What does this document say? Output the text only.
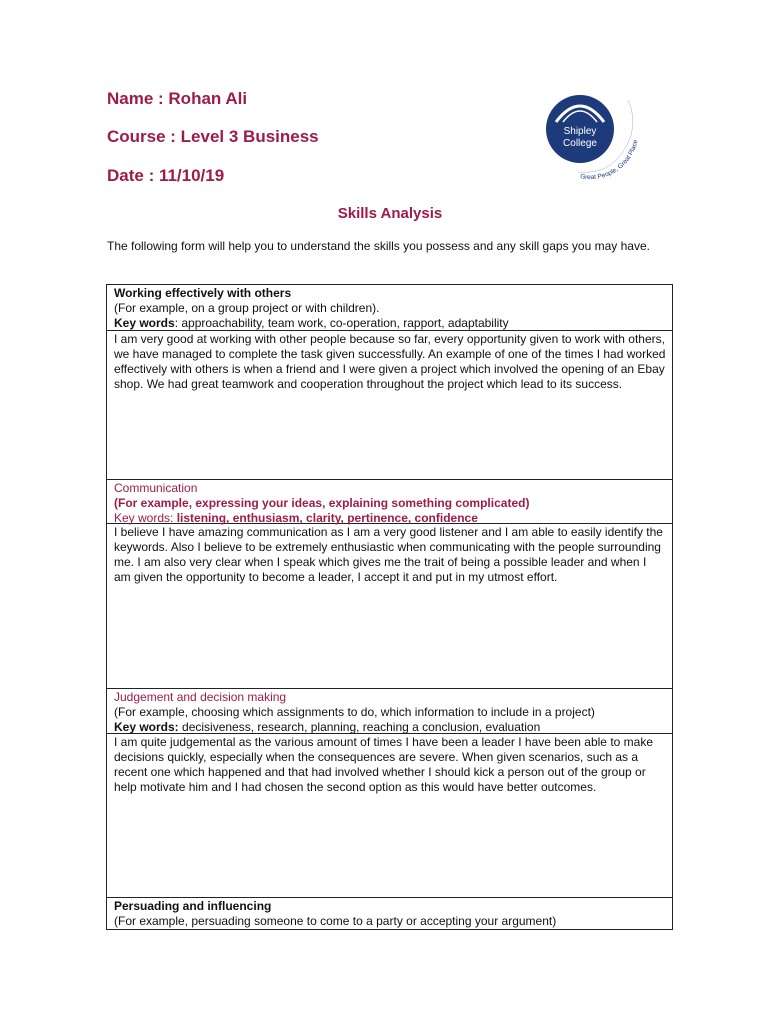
Name : Rohan Ali
Course : Level 3 Business
Date : 11/10/19
Shipley
College
Great People, Great Place
Skills Analysis
The following form will help you to understand the skills you possess and any skill gaps you may have.
Working effectively with others
(For example, on a group project or with children).
Key words: approachability, team work, co-operation, rapport, adaptability
I am very good at working with other people because so far, every opportunity given to work with others, we have managed to complete the task given successfully. An example of one of the times I had worked effectively with others is when a friend and I were given a project which involved the opening of an Ebay shop. We had great teamwork and cooperation throughout the project which lead to its success.
Communication
(For example, expressing your ideas, explaining something complicated)
Key words: listening, enthusiasm, clarity, pertinence, confidence
I believe I have amazing communication as I am a very good listener and I am able to easily identify the keywords. Also I believe to be extremely enthusiastic when communicating with the people surrounding me. I am also very clear when I speak which gives me the trait of being a possible leader and when I am given the opportunity to become a leader, I accept it and put in my utmost effort.
Judgement and decision making
(For example, choosing which assignments to do, which information to include in a project)
Key words: decisiveness, research, planning, reaching a conclusion, evaluation
I am quite judgemental as the various amount of times I have been a leader I have been able to make decisions quickly, especially when the consequences are severe. When given scenarios, such as a recent one which happened and that had involved whether I should kick a person out of the group or help motivate him and I had chosen the second option as this would have better outcomes.
Persuading and influencing
(For example, persuading someone to come to a party or accepting your argument)
